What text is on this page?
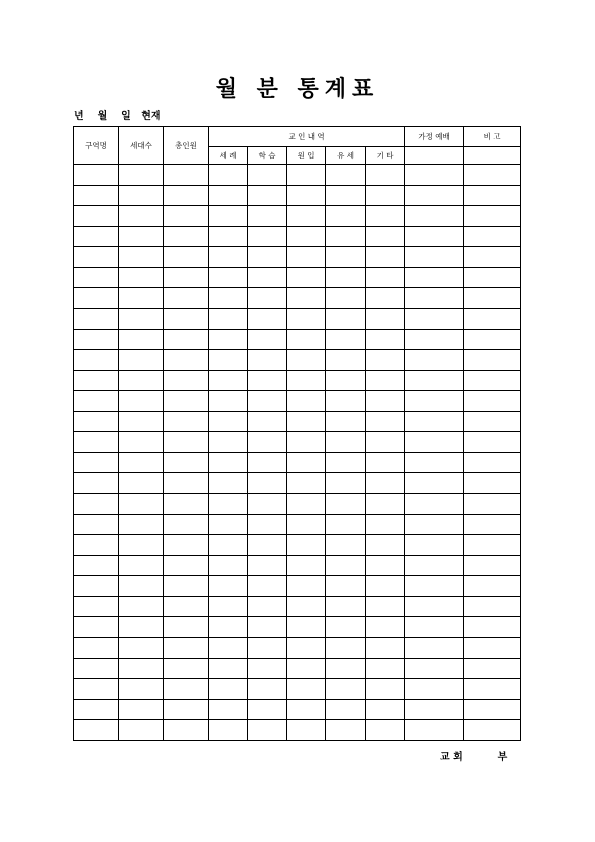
월 분 통계표
년    월    일   현재
구역명	세대수	총인원	교 인 내 역					가정 예배	비 고
			세 례	학 습	원 입	유 세	기 타		

교 회          부
